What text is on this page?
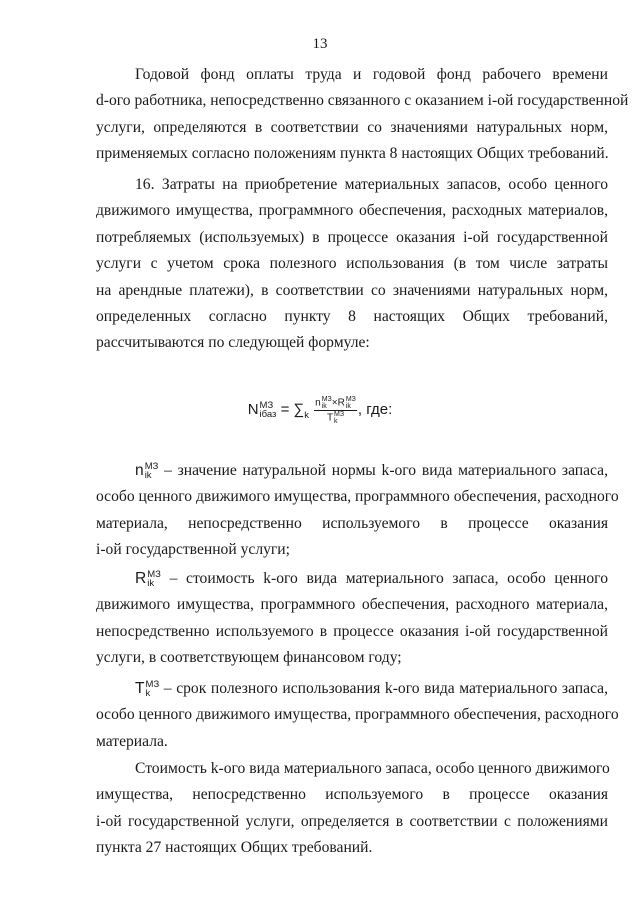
13
Годовой фонд оплаты труда и годовой фонд рабочего времени
d-ого работника, непосредственно связанного с оказанием i-ой государственной
услуги, определяются в соответствии со значениями натуральных норм,
применяемых согласно положениям пункта 8 настоящих Общих требований.
16. Затраты на приобретение материальных запасов, особо ценного
движимого имущества, программного обеспечения, расходных материалов,
потребляемых (используемых) в процессе оказания i-ой государственной
услуги с учетом срока полезного использования (в том числе затраты
на арендные платежи), в соответствии со значениями натуральных норм,
определенных согласно пункту 8 настоящих Общих требований,
рассчитываются по следующей формуле:
N МЗ
iбаз = $\sum_k$ n МЗ
ik ×R МЗ
ik
T МЗ
k , где:
n МЗ
ik – значение натуральной нормы k-ого вида материального запаса,
особо ценного движимого имущества, программного обеспечения, расходного
материала, непосредственно используемого в процессе оказания
i-ой государственной услуги;
R МЗ
ik – стоимость k-ого вида материального запаса, особо ценного
движимого имущества, программного обеспечения, расходного материала,
непосредственно используемого в процессе оказания i-ой государственной
услуги, в соответствующем финансовом году;
T МЗ
k – срок полезного использования k-ого вида материального запаса,
особо ценного движимого имущества, программного обеспечения, расходного
материала.
Стоимость k-ого вида материального запаса, особо ценного движимого
имущества, непосредственно используемого в процессе оказания
i-ой государственной услуги, определяется в соответствии с положениями
пункта 27 настоящих Общих требований.
